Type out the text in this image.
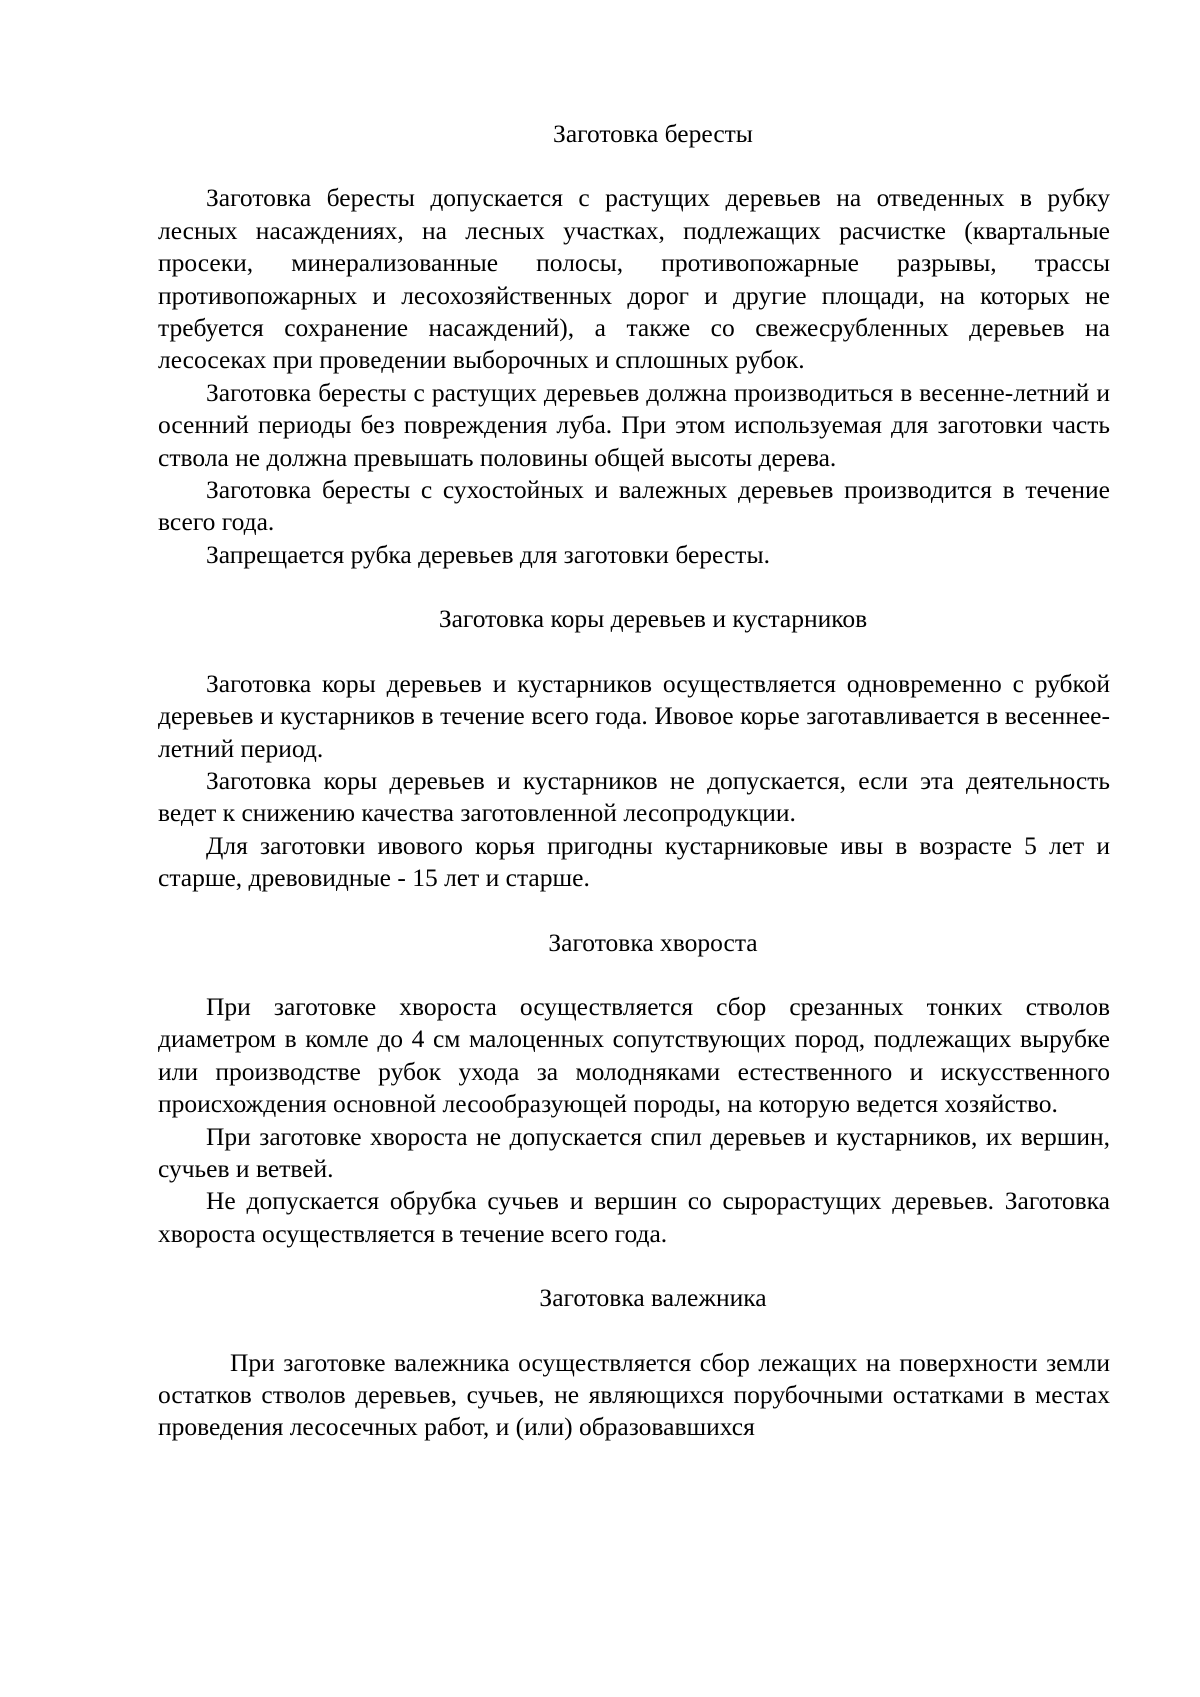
Заготовка бересты

Заготовка бересты допускается с растущих деревьев на отведенных в рубку лесных насаждениях, на лесных участках, подлежащих расчистке (квартальные просеки, минерализованные полосы, противопожарные разрывы, трассы противопожарных и лесохозяйственных дорог и другие площади, на которых не требуется сохранение насаждений), а также со свежесрубленных деревьев на лесосеках при проведении выборочных и сплошных рубок.

Заготовка бересты с растущих деревьев должна производиться в весенне-летний и осенний периоды без повреждения луба. При этом используемая для заготовки часть ствола не должна превышать половины общей высоты дерева.

Заготовка бересты с сухостойных и валежных деревьев производится в течение всего года.

Запрещается рубка деревьев для заготовки бересты.

Заготовка коры деревьев и кустарников

Заготовка коры деревьев и кустарников осуществляется одновременно с рубкой деревьев и кустарников в течение всего года. Ивовое корье заготавливается в весеннее-летний период.

Заготовка коры деревьев и кустарников не допускается, если эта деятельность ведет к снижению качества заготовленной лесопродукции.

Для заготовки ивового корья пригодны кустарниковые ивы в возрасте 5 лет и старше, древовидные - 15 лет и старше.

Заготовка хвороста

При заготовке хвороста осуществляется сбор срезанных тонких стволов диаметром в комле до 4 см малоценных сопутствующих пород, подлежащих вырубке или производстве рубок ухода за молодняками естественного и искусственного происхождения основной лесообразующей породы, на которую ведется хозяйство.

При заготовке хвороста не допускается спил деревьев и кустарников, их вершин, сучьев и ветвей.

Не допускается обрубка сучьев и вершин со сырорастущих деревьев. Заготовка хвороста осуществляется в течение всего года.

Заготовка валежника

При заготовке валежника осуществляется сбор лежащих на поверхности земли остатков стволов деревьев, сучьев, не являющихся порубочными остатками в местах проведения лесосечных работ, и (или) образовавшихся
